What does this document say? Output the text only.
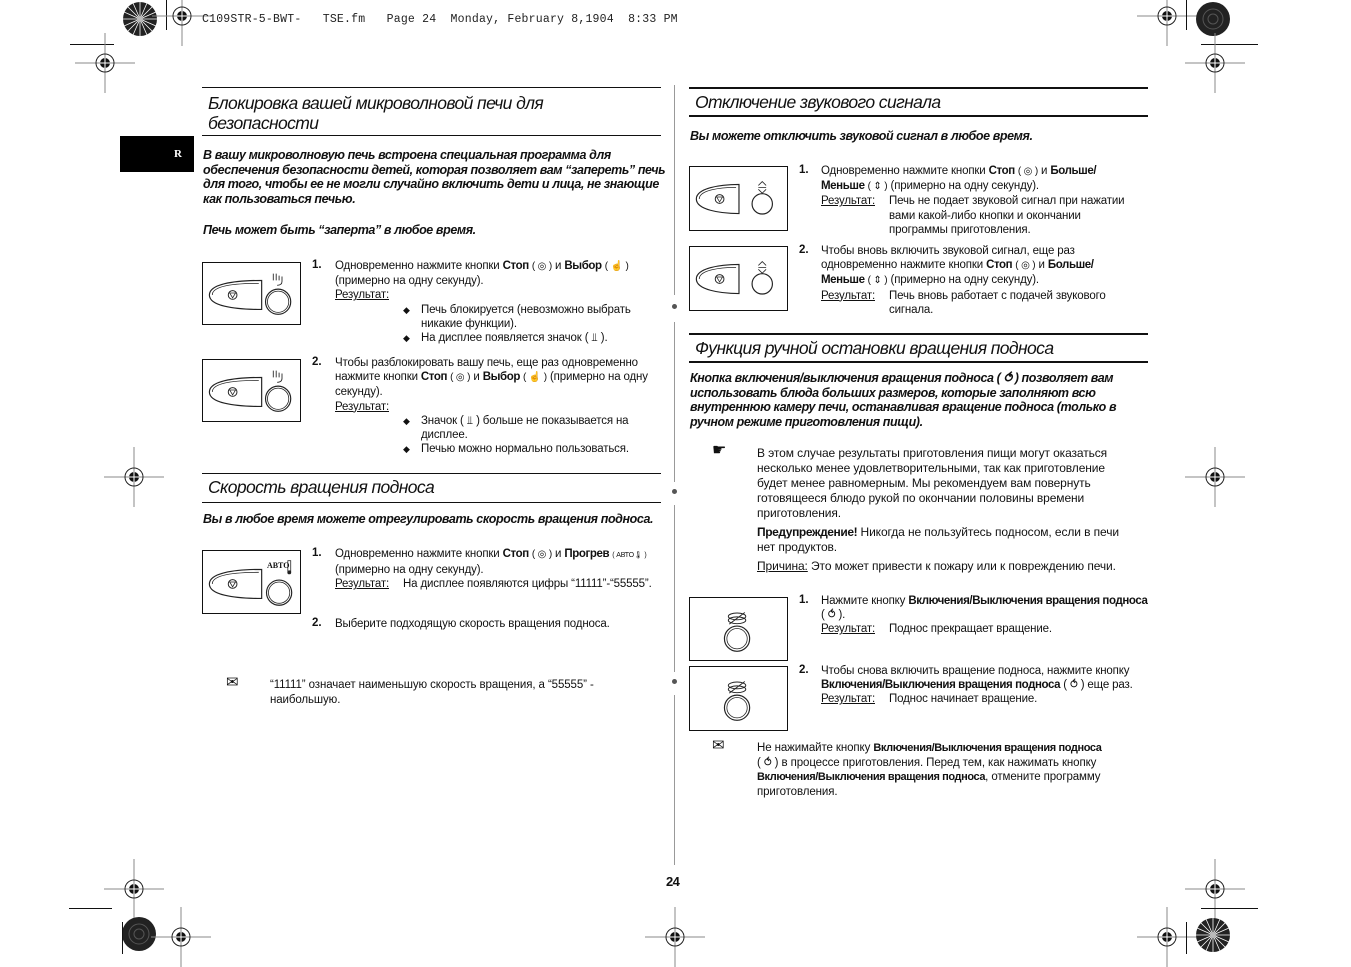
C109STR-5-BWT-   TSE.fm   Page 24  Monday, February 8,1904  8:33 PM
R
Блокировка вашей микроволновой печи для
безопасности
В вашу микроволновую печь встроена специальная программа для
обеспечения безопасности детей, которая позволяет вам “запереть” печь
для того, чтобы ее не могли случайно включить дети и лица, не знающие
как пользоваться печью.
Печь может быть “заперта” в любое время.
1. Одновременно нажмите кнопки Стоп ( ◎ ) и Выбор ( ☝ )
(примерно на одну секунду).
Результат:
◆ Печь блокируется (невозможно выбрать никакие функции).
◆ На дисплее появляется значок ( ⫫ ).
2. Чтобы разблокировать вашу печь, еще раз одновременно
нажмите кнопки Стоп ( ◎ ) и Выбор ( ☝ ) (примерно на одну
секунду).
Результат:
◆ Значок ( ⫫ ) больше не показывается на дисплее.
◆ Печью можно нормально пользоваться.
Скорость вращения подноса
Вы в любое время можете отрегулировать скорость вращения подноса.
АВТО
1. Одновременно нажмите кнопки Стоп ( ◎ ) и Прогрев ( АВТО🌡 )
(примерно на одну секунду).
Результат:	На дисплее появляются цифры “11111”-“55555”.
2. Выберите подходящую скорость вращения подноса.
✉	“11111” означает наименьшую скорость вращения, а “55555” -
наибольшую.
Отключение звукового сигнала
Вы можете отключить звуковой сигнал в любое время.
1. Одновременно нажмите кнопки Стоп ( ◎ ) и Больше/
Меньше ( ⇕ ) (примерно на одну секунду).
Результат:	Печь не подает звуковой сигнал при нажатии
вами какой-либо кнопки и окончании
программы приготовления.
2. Чтобы вновь включить звуковой сигнал, еще раз
одновременно нажмите кнопки Стоп ( ◎ ) и Больше/
Меньше ( ⇕ ) (примерно на одну секунду).
Результат:	Печь вновь работает с подачей звукового
сигнала.
Функция ручной остановки вращения подноса
Кнопка включения/выключения вращения подноса ( ⥀ ) позволяет вам
использовать блюда больших размеров, которые заполняют всю
внутреннюю камеру печи, останавливая вращение подноса (только в
ручном режиме приготовления пищи).
☛	В этом случае результаты приготовления пищи могут оказаться
несколько менее удовлетворительными, так как приготовление
будет менее равномерным. Мы рекомендуем вам повернуть
готовящееся блюдо рукой по окончании половины времени
приготовления.
Предупреждение! Никогда не пользуйтесь подносом, если в печи
нет продуктов.
Причина: Это может привести к пожару или к повреждению печи.
1. Нажмите кнопку Включения/Выключения вращения подноса
( ⥀ ).
Результат:	Поднос прекращает вращение.
2. Чтобы снова включить вращение подноса, нажмите кнопку
Включения/Выключения вращения подноса ( ⥀ ) еще раз.
Результат:	Поднос начинает вращение.
✉	Не нажимайте кнопку Включения/Выключения вращения подноса
( ⥀ ) в процессе приготовления. Перед тем, как нажимать кнопку
Включения/Выключения вращения подноса, отмените программу
приготовления.
24
